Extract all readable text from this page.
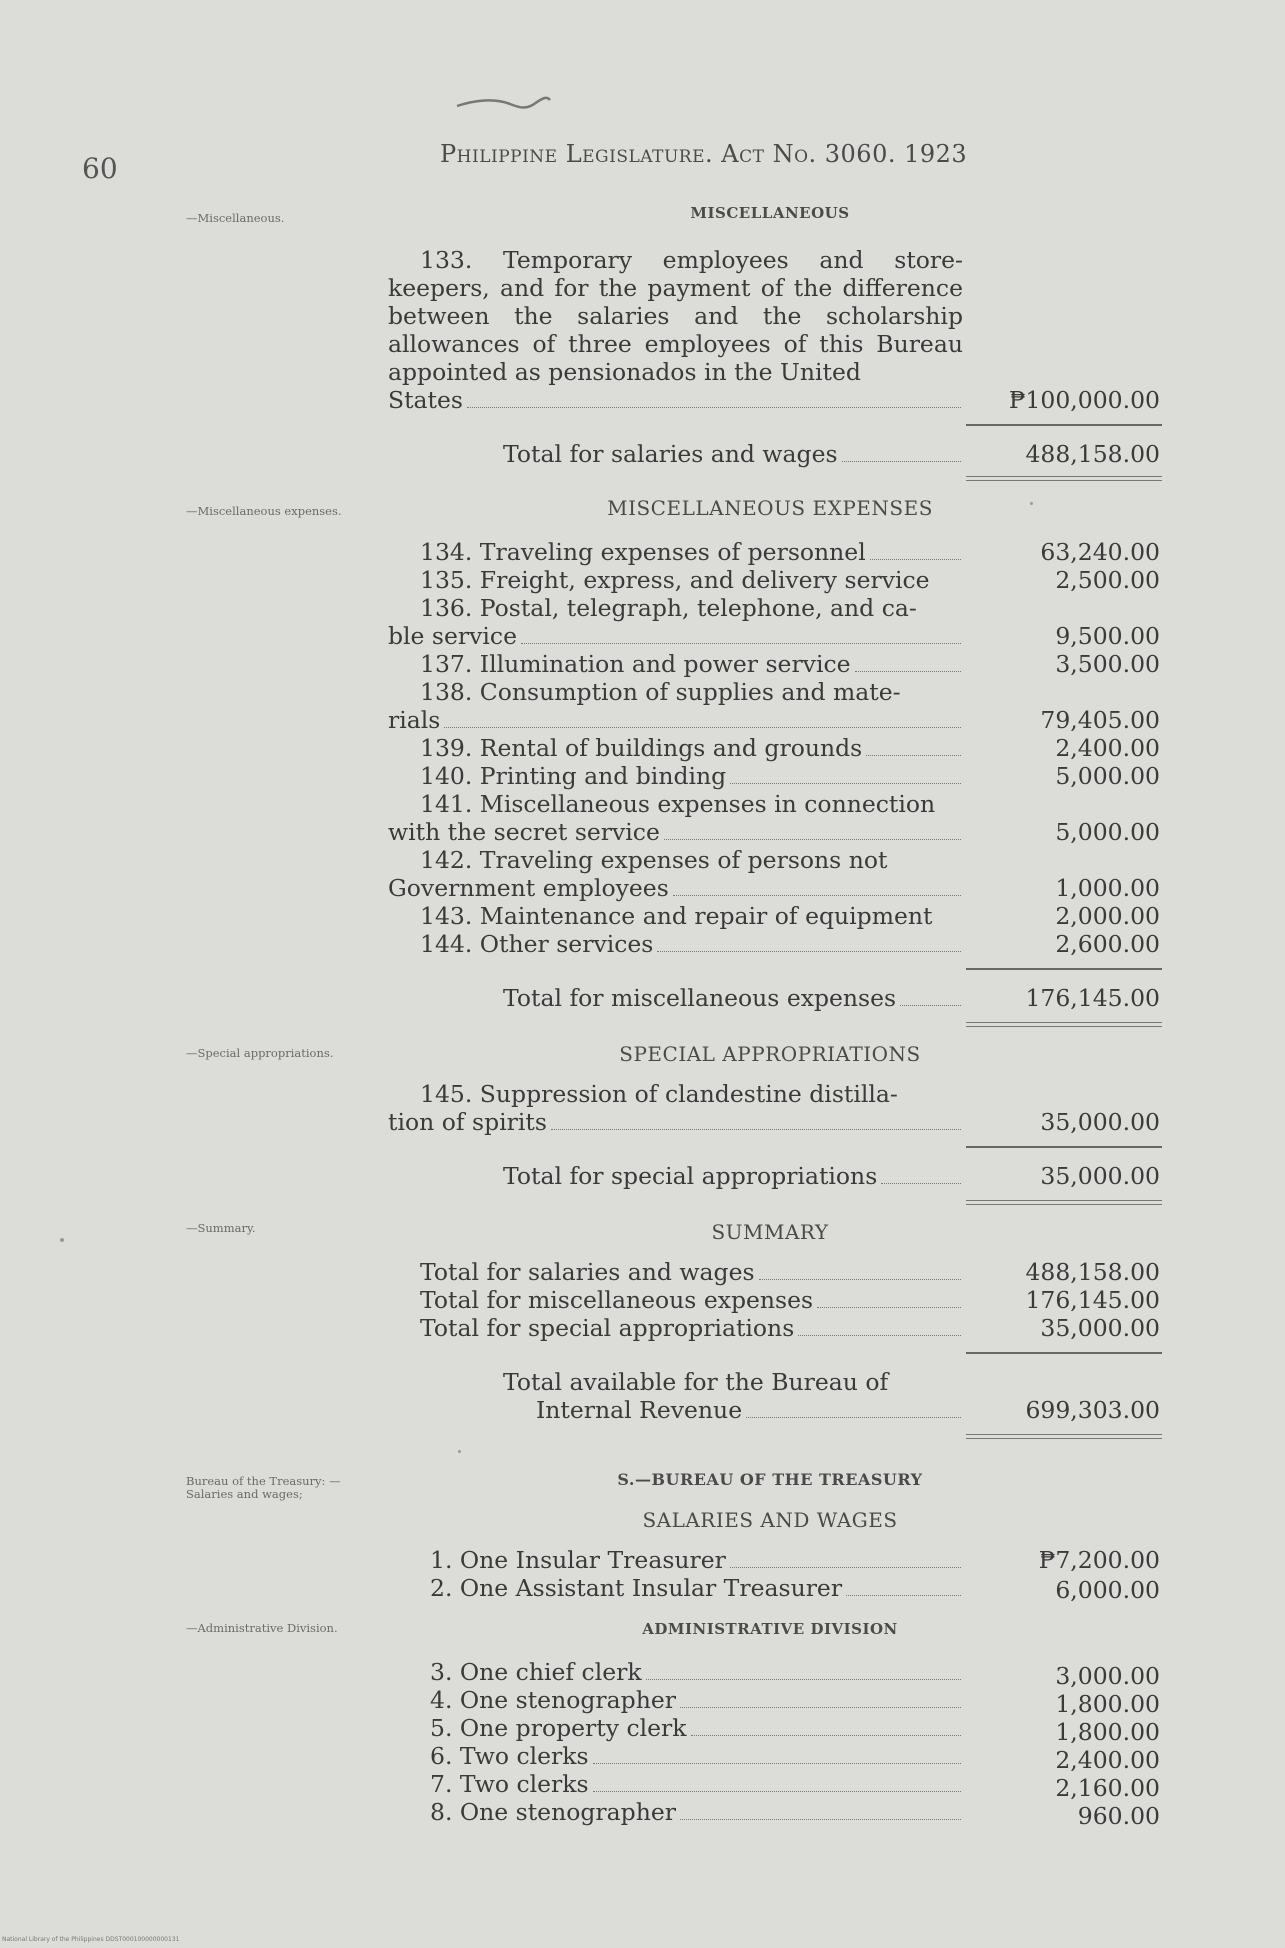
60	Philippine Legislature. Act No. 3060. 1923
—Miscellaneous.
—Miscellaneous expenses.
—Special appropriations.
—Summary.
Bureau of the Treasury: —Salaries and wages;
—Administrative Division.
MISCELLANEOUS
133. Temporary employees and store-keepers, and for the payment of the difference between the salaries and the scholarship allowances of three employees of this Bureau appointed as pensionados in the United
States	₱100,000.00
Total for salaries and wages	488,158.00
MISCELLANEOUS EXPENSES
134. Traveling expenses of personnel	63,240.00
135. Freight, express, and delivery service	2,500.00
136. Postal, telegraph, telephone, and ca-
ble service	9,500.00
137. Illumination and power service	3,500.00
138. Consumption of supplies and mate-
rials	79,405.00
139. Rental of buildings and grounds	2,400.00
140. Printing and binding	5,000.00
141. Miscellaneous expenses in connection
with the secret service	5,000.00
142. Traveling expenses of persons not
Government employees	1,000.00
143. Maintenance and repair of equipment	2,000.00
144. Other services	2,600.00
Total for miscellaneous expenses	176,145.00
SPECIAL APPROPRIATIONS
145. Suppression of clandestine distilla-
tion of spirits	35,000.00
Total for special appropriations	35,000.00
SUMMARY
Total for salaries and wages	488,158.00
Total for miscellaneous expenses	176,145.00
Total for special appropriations	35,000.00
Total available for the Bureau of
Internal Revenue	699,303.00
S.—BUREAU OF THE TREASURY
SALARIES AND WAGES
1. One Insular Treasurer	₱7,200.00
2. One Assistant Insular Treasurer	6,000.00
ADMINISTRATIVE DIVISION
3. One chief clerk	3,000.00
4. One stenographer	1,800.00
5. One property clerk	1,800.00
6. Two clerks	2,400.00
7. Two clerks	2,160.00
8. One stenographer	960.00
National Library of the Philippines DDST000100000000131
